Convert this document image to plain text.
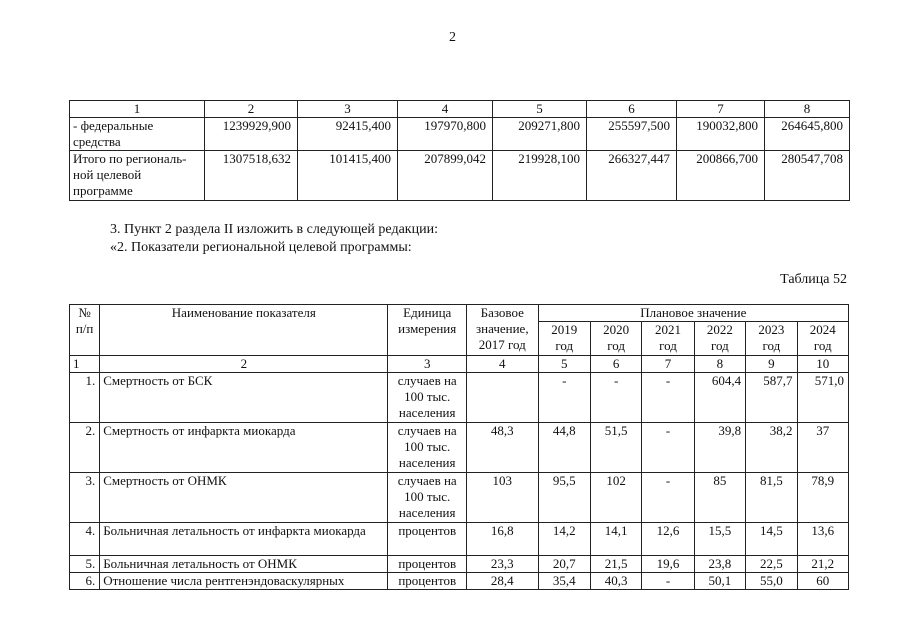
2
1	2	3	4	5	6	7	8
- федеральные средства	1239929,900	92415,400	197970,800	209271,800	255597,500	190032,800	264645,800
Итого по региональ-ной целевой программе	1307518,632	101415,400	207899,042	219928,100	266327,447	200866,700	280547,708
3. Пункт 2 раздела II изложить в следующей редакции:
«2. Показатели региональной целевой программы:
Таблица 52
№ п/п	Наименование показателя	Единица измерения	Базовое значение, 2017 год	Плановое значение					
				2019 год	2020 год	2021 год	2022 год	2023 год	2024 год
1	2	3	4	5	6	7	8	9	10
1.	Смертность от БСК	случаев на 100 тыс. населения		-	-	-	604,4	587,7	571,0
2.	Смертность от инфаркта миокарда	случаев на 100 тыс. населения	48,3	44,8	51,5	-	39,8	38,2	37
3.	Смертность от ОНМК	случаев на 100 тыс. населения	103	95,5	102	-	85	81,5	78,9
4.	Больничная летальность от инфаркта миокарда	процентов	16,8	14,2	14,1	12,6	15,5	14,5	13,6
5.	Больничная летальность от ОНМК	процентов	23,3	20,7	21,5	19,6	23,8	22,5	21,2
6.	Отношение числа рентгенэндоваскулярных	процентов	28,4	35,4	40,3	-	50,1	55,0	60
